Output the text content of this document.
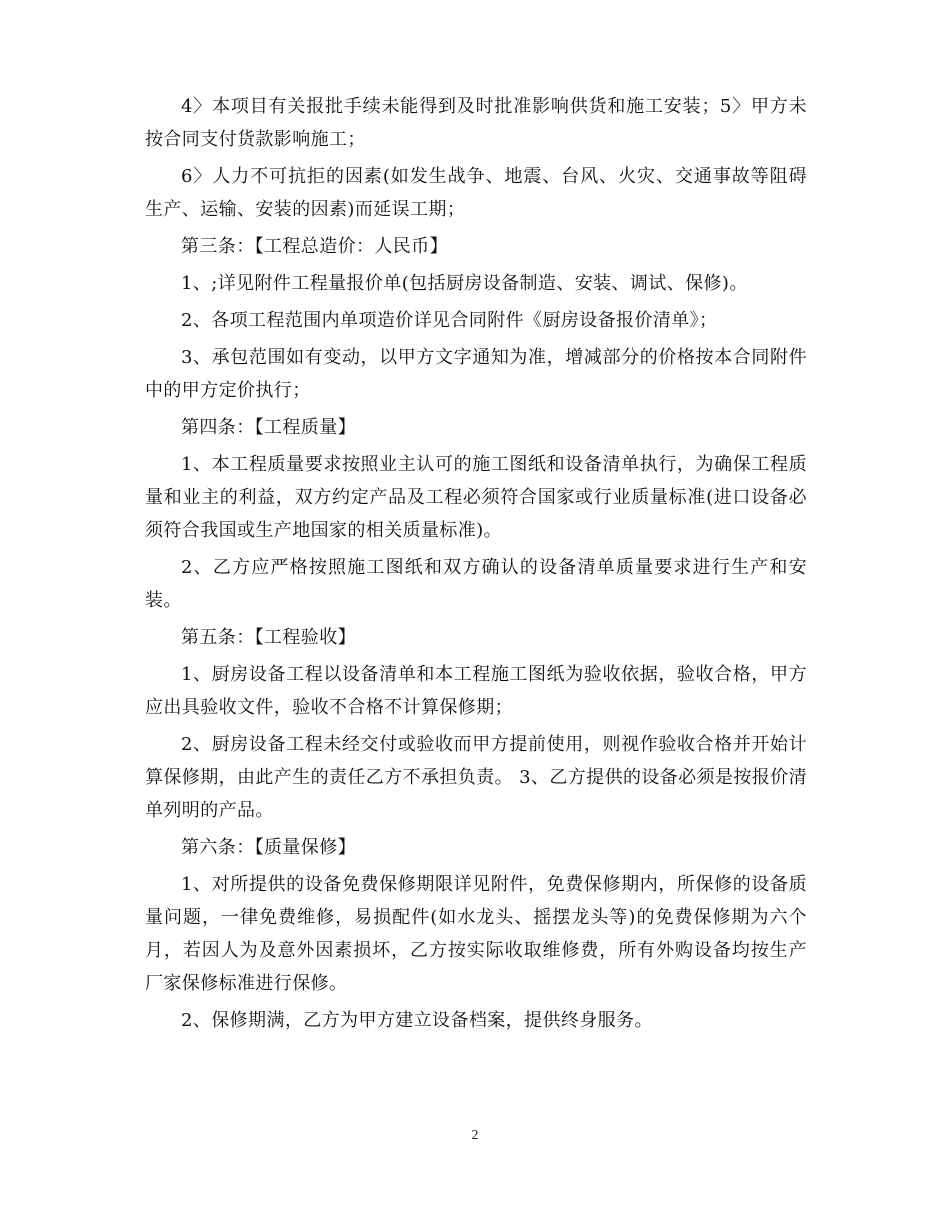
4〉本项目有关报批手续未能得到及时批准影响供货和施工安装；5〉甲方未按合同支付货款影响施工；

6〉人力不可抗拒的因素(如发生战争、地震、台风、火灾、交通事故等阻碍生产、运输、安装的因素)而延误工期；

第三条：【工程总造价：人民币】

1、;详见附件工程量报价单(包括厨房设备制造、安装、调试、保修)。

2、各项工程范围内单项造价详见合同附件《厨房设备报价清单》；

3、承包范围如有变动，以甲方文字通知为准，增减部分的价格按本合同附件中的甲方定价执行；

第四条：【工程质量】

1、本工程质量要求按照业主认可的施工图纸和设备清单执行，为确保工程质量和业主的利益，双方约定产品及工程必须符合国家或行业质量标准(进口设备必须符合我国或生产地国家的相关质量标准)。

2、乙方应严格按照施工图纸和双方确认的设备清单质量要求进行生产和安装。

第五条：【工程验收】

1、厨房设备工程以设备清单和本工程施工图纸为验收依据，验收合格，甲方应出具验收文件，验收不合格不计算保修期；

2、厨房设备工程未经交付或验收而甲方提前使用，则视作验收合格并开始计算保修期，由此产生的责任乙方不承担负责。 3、乙方提供的设备必须是按报价清单列明的产品。

第六条：【质量保修】

1、对所提供的设备免费保修期限详见附件，免费保修期内，所保修的设备质量问题，一律免费维修，易损配件(如水龙头、摇摆龙头等)的免费保修期为六个月，若因人为及意外因素损坏，乙方按实际收取维修费，所有外购设备均按生产厂家保修标准进行保修。

2、保修期满，乙方为甲方建立设备档案，提供终身服务。

2
